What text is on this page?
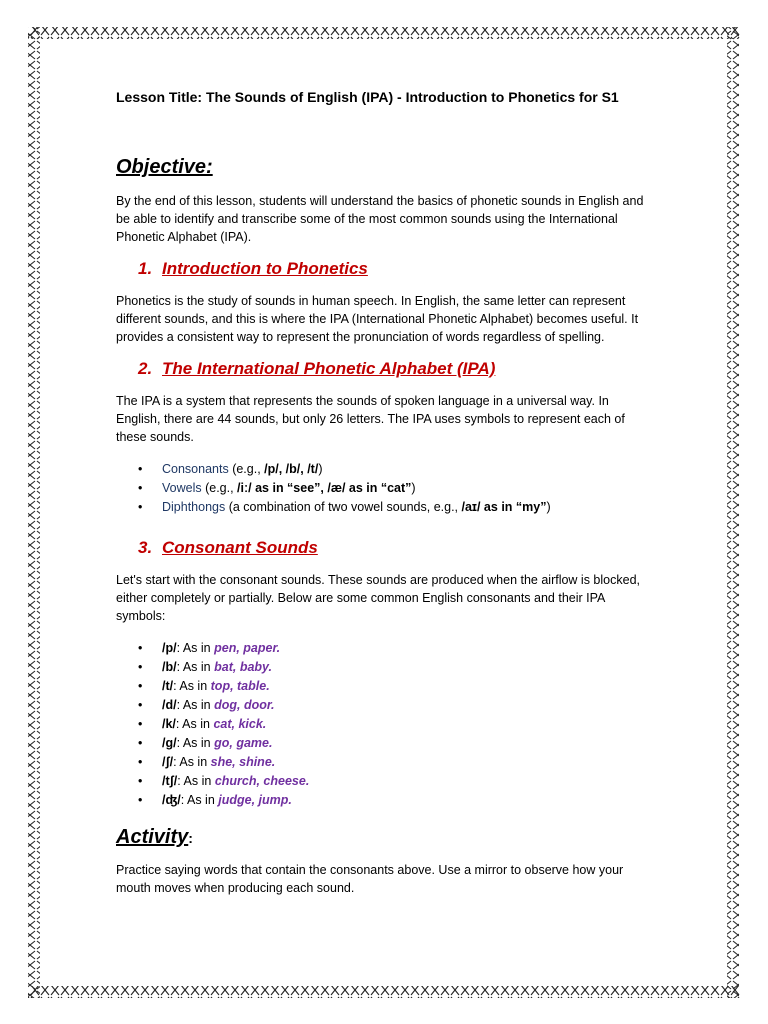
Lesson Title: The Sounds of English (IPA) - Introduction to Phonetics for S1

Objective:

By the end of this lesson, students will understand the basics of phonetic sounds in English and be able to identify and transcribe some of the most common sounds using the International Phonetic Alphabet (IPA).

1. Introduction to Phonetics

Phonetics is the study of sounds in human speech. In English, the same letter can represent different sounds, and this is where the IPA (International Phonetic Alphabet) becomes useful. It provides a consistent way to represent the pronunciation of words regardless of spelling.

2. The International Phonetic Alphabet (IPA)

The IPA is a system that represents the sounds of spoken language in a universal way. In English, there are 44 sounds, but only 26 letters. The IPA uses symbols to represent each of these sounds.

• Consonants (e.g., /p/, /b/, /t/)
• Vowels (e.g., /iː/ as in “see”, /æ/ as in “cat”)
• Diphthongs (a combination of two vowel sounds, e.g., /aɪ/ as in “my”)
3. Consonant Sounds

Let's start with the consonant sounds. These sounds are produced when the airflow is blocked, either completely or partially. Below are some common English consonants and their IPA symbols:

• /p/: As in pen, paper.
• /b/: As in bat, baby.
• /t/: As in top, table.
• /d/: As in dog, door.
• /k/: As in cat, kick.
• /g/: As in go, game.
• /ʃ/: As in she, shine.
• /tʃ/: As in church, cheese.
• /ʤ/: As in judge, jump.
Activity:

Practice saying words that contain the consonants above. Use a mirror to observe how your mouth moves when producing each sound.
